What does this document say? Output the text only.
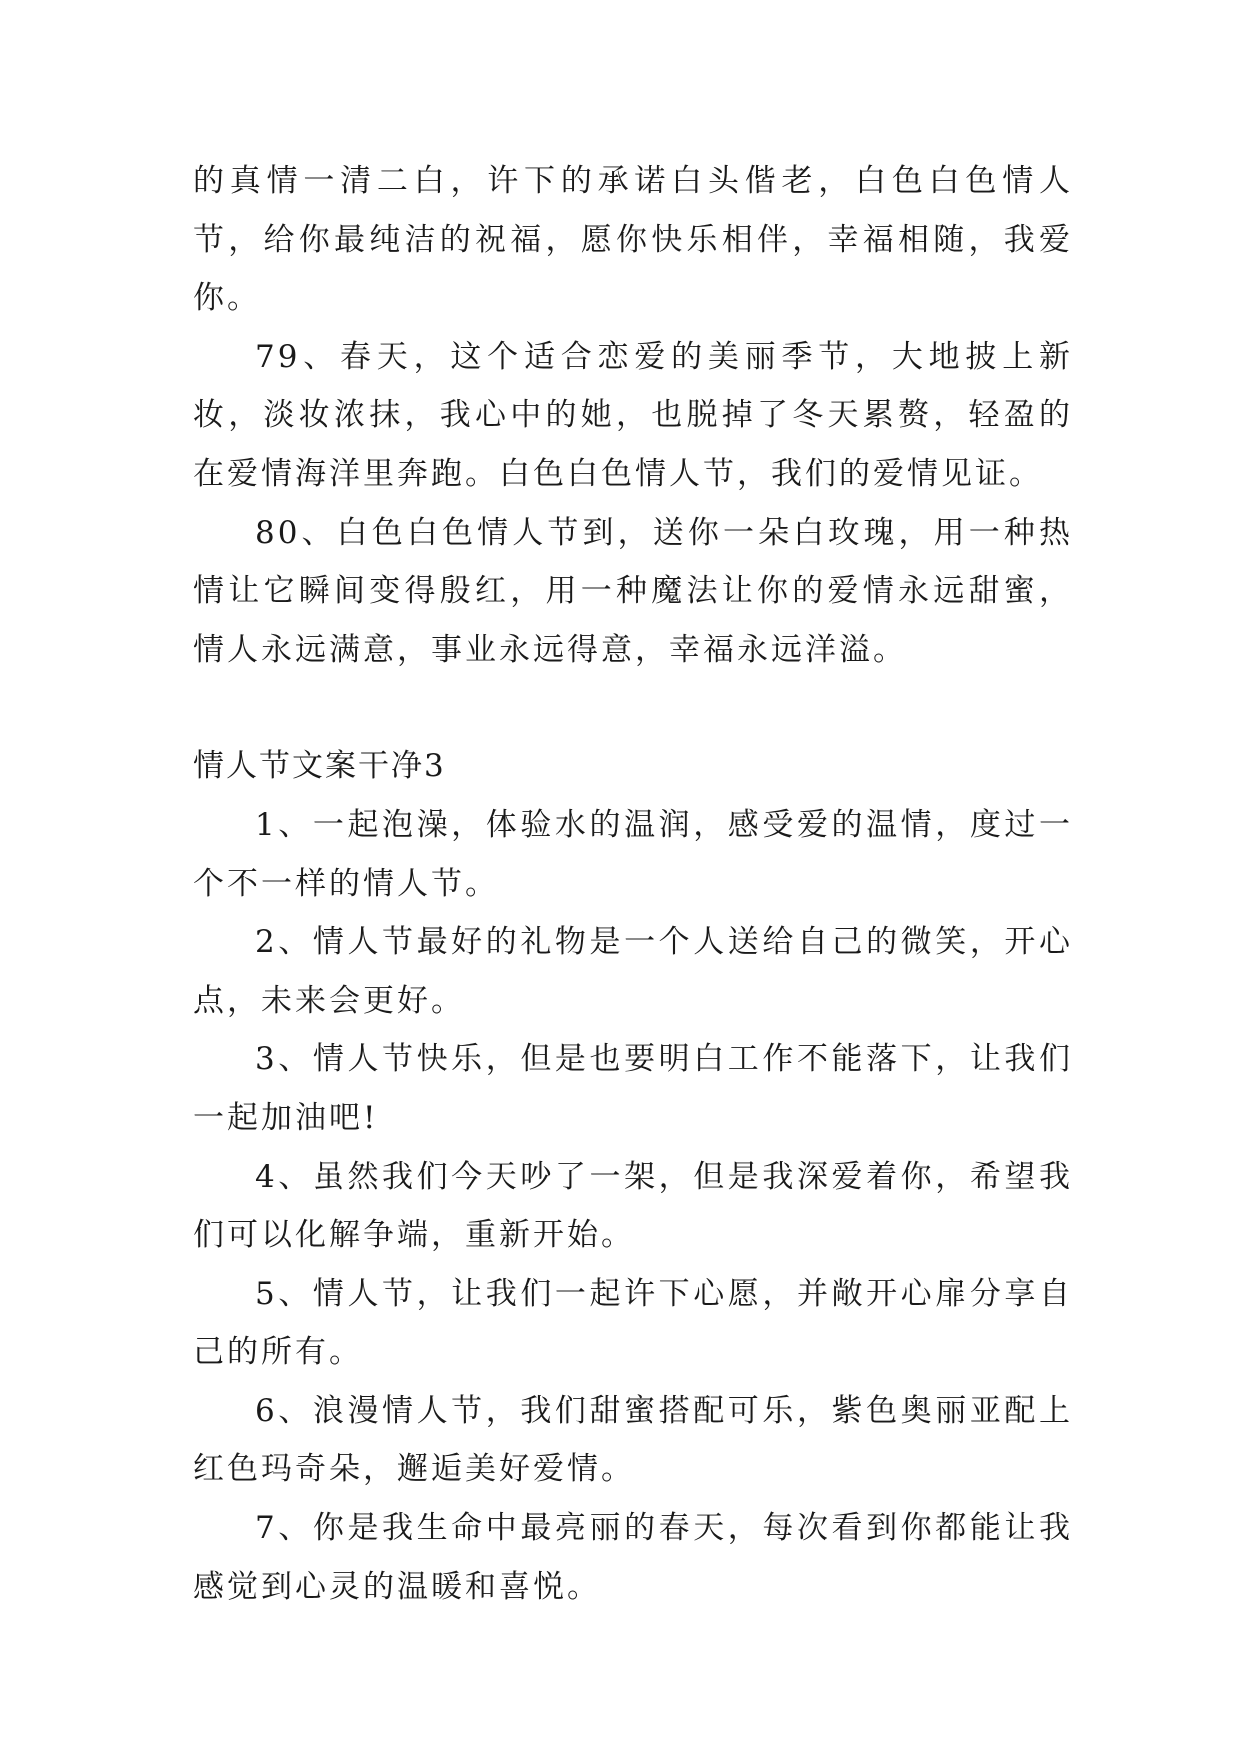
的真情一清二白，许下的承诺白头偕老，白色白色情人节，给你最纯洁的祝福，愿你快乐相伴，幸福相随，我爱你。

79、春天，这个适合恋爱的美丽季节，大地披上新妆，淡妆浓抹，我心中的她，也脱掉了冬天累赘，轻盈的在爱情海洋里奔跑。白色白色情人节，我们的爱情见证。

80、白色白色情人节到，送你一朵白玫瑰，用一种热情让它瞬间变得殷红，用一种魔法让你的爱情永远甜蜜，情人永远满意，事业永远得意，幸福永远洋溢。

情人节文案干净3

1、一起泡澡，体验水的温润，感受爱的温情，度过一个不一样的情人节。

2、情人节最好的礼物是一个人送给自己的微笑，开心点，未来会更好。

3、情人节快乐，但是也要明白工作不能落下，让我们一起加油吧!

4、虽然我们今天吵了一架，但是我深爱着你，希望我们可以化解争端，重新开始。

5、情人节，让我们一起许下心愿，并敞开心扉分享自己的所有。

6、浪漫情人节，我们甜蜜搭配可乐，紫色奥丽亚配上红色玛奇朵，邂逅美好爱情。

7、你是我生命中最亮丽的春天，每次看到你都能让我感觉到心灵的温暖和喜悦。
